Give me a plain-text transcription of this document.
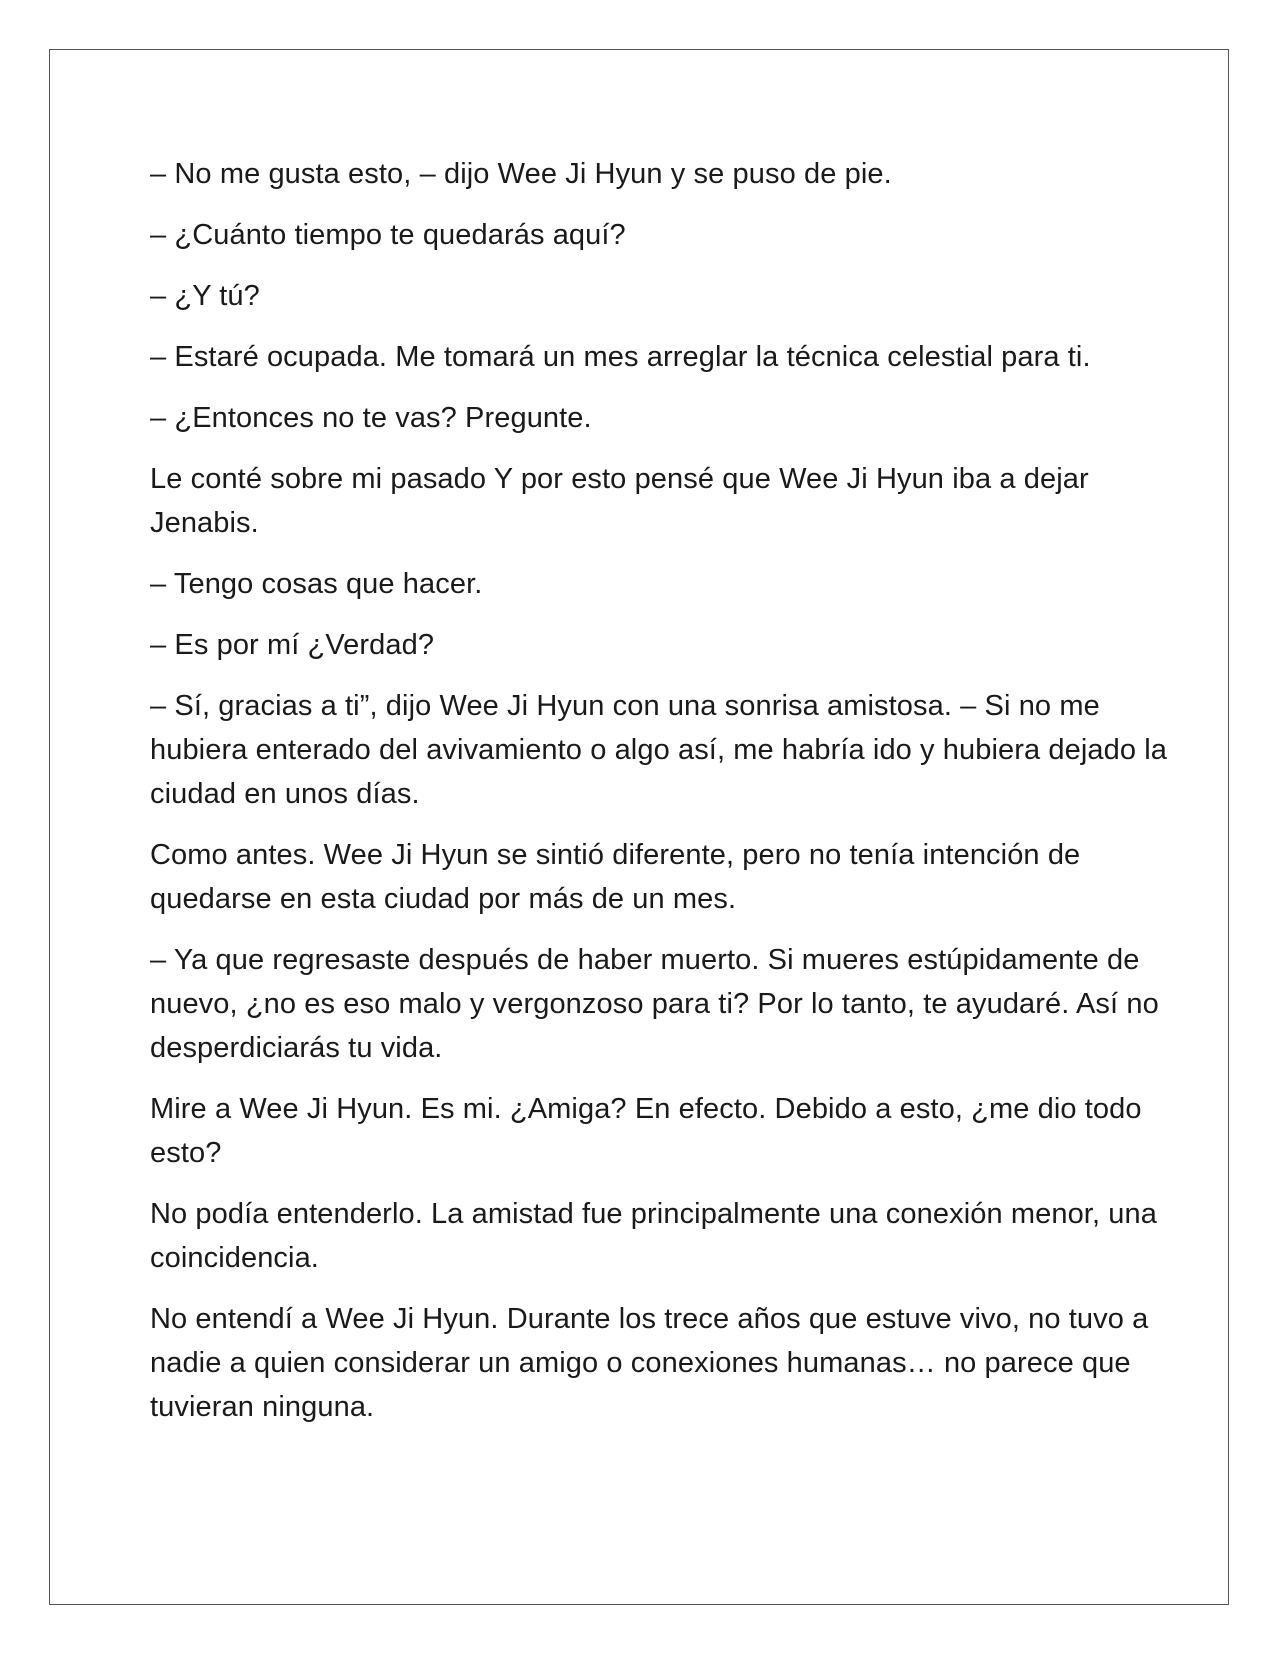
– No me gusta esto, – dijo Wee Ji Hyun y se puso de pie.

– ¿Cuánto tiempo te quedarás aquí?

– ¿Y tú?

– Estaré ocupada. Me tomará un mes arreglar la técnica celestial para ti.

– ¿Entonces no te vas? Pregunte.

Le conté sobre mi pasado Y por esto pensé que Wee Ji Hyun iba a dejar Jenabis.

– Tengo cosas que hacer.

– Es por mí ¿Verdad?

– Sí, gracias a ti”, dijo Wee Ji Hyun con una sonrisa amistosa. – Si no me hubiera enterado del avivamiento o algo así, me habría ido y hubiera dejado la ciudad en unos días.

Como antes. Wee Ji Hyun se sintió diferente, pero no tenía intención de quedarse en esta ciudad por más de un mes.

– Ya que regresaste después de haber muerto. Si mueres estúpidamente de nuevo, ¿no es eso malo y vergonzoso para ti? Por lo tanto, te ayudaré. Así no desperdiciarás tu vida.

Mire a Wee Ji Hyun. Es mi. ¿Amiga? En efecto. Debido a esto, ¿me dio todo esto?

No podía entenderlo. La amistad fue principalmente una conexión menor, una coincidencia.

No entendí a Wee Ji Hyun. Durante los trece años que estuve vivo, no tuvo a nadie a quien considerar un amigo o conexiones humanas… no parece que tuvieran ninguna.
